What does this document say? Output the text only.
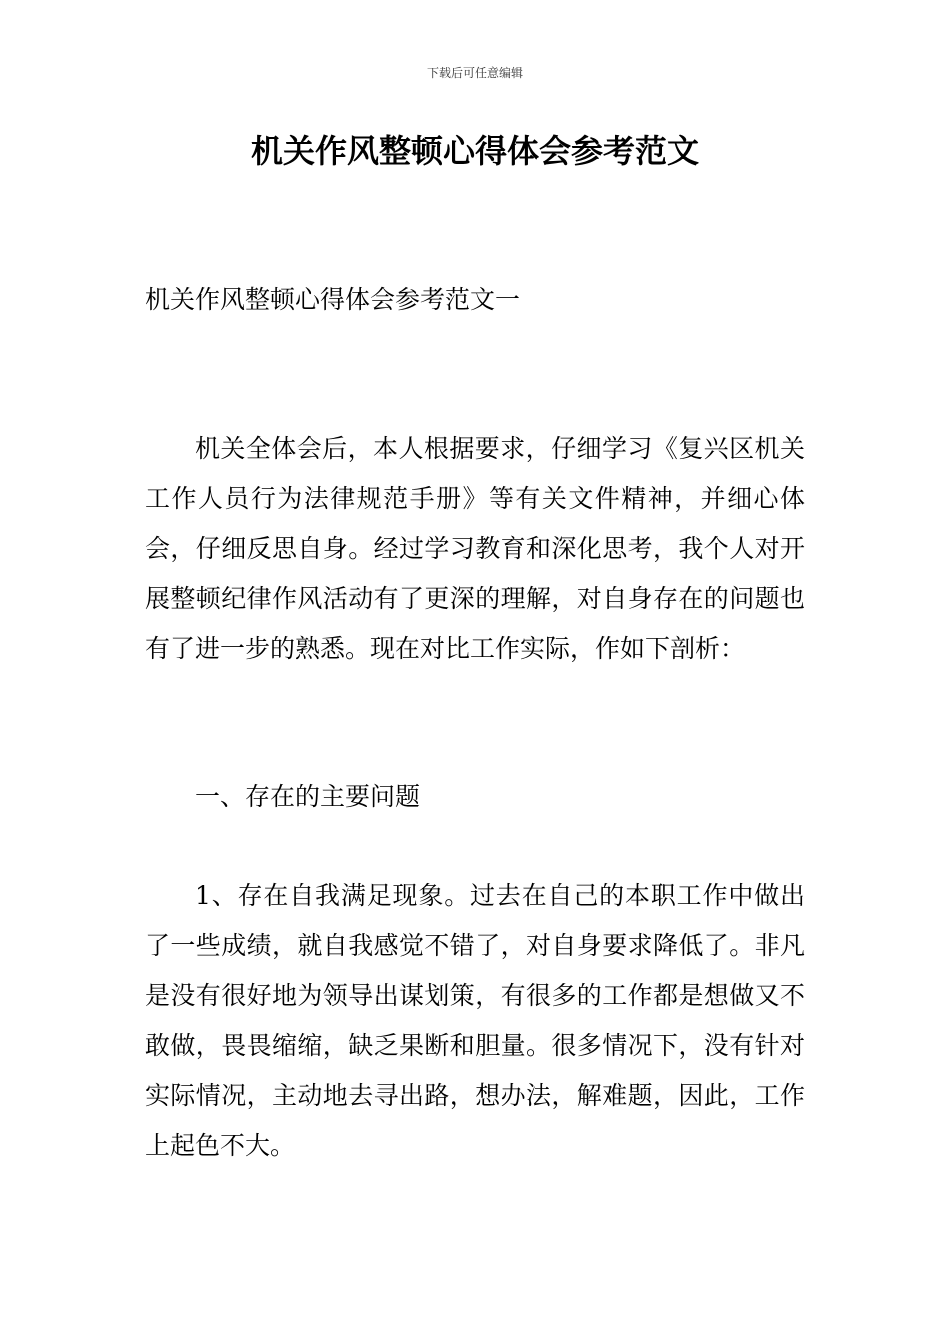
下载后可任意编辑
机关作风整顿心得体会参考范文

机关作风整顿心得体会参考范文一

机关全体会后，本人根据要求，仔细学习《复兴区机关工作人员行为法律规范手册》等有关文件精神，并细心体会，仔细反思自身。经过学习教育和深化思考，我个人对开展整顿纪律作风活动有了更深的理解，对自身存在的问题也有了进一步的熟悉。现在对比工作实际，作如下剖析：

一、存在的主要问题

1、存在自我满足现象。过去在自己的本职工作中做出了一些成绩，就自我感觉不错了，对自身要求降低了。非凡是没有很好地为领导出谋划策，有很多的工作都是想做又不敢做，畏畏缩缩，缺乏果断和胆量。很多情况下，没有针对实际情况，主动地去寻出路，想办法，解难题，因此，工作上起色不大。
